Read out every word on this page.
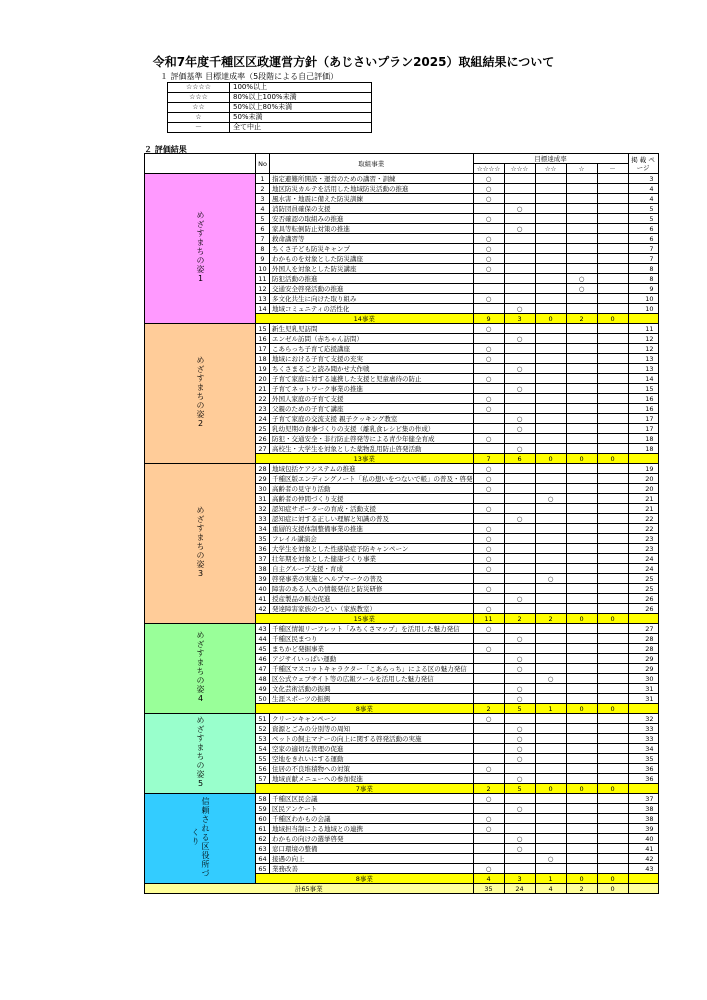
令和7年度千種区区政運営方針（あじさいプラン2025）取組結果について
１ 評価基準 目標達成率（5段階による自己評価）
☆☆☆☆	100%以上
☆☆☆	80%以上100%未満
☆☆	50%以上80%未満
☆	50%未満
－	全て中止
２ 評価結果
	No	取組事業	目標達成率					掲 載 ページ
			☆☆☆☆	☆☆☆	☆☆	☆	－	
めざすまちの姿1	1	指定避難所開設・運営のための講習・訓練	○					3
	2	地区防災カルテを活用した地域防災活動の推進	○					4
	3	風水害・地震に備えた防災訓練	○					4
	4	消防団員確保の支援		○				5
	5	安否確認の取組みの推進	○					5
	6	家具等転倒防止対策の推進		○				6
	7	救命講習等	○					6
	8	ちくさ子ども防災キャンプ	○					7
	9	わかものを対象とした防災講座	○					7
	10	外国人を対象とした防災講座	○					8
	11	防犯活動の推進				○		8
	12	交通安全啓発活動の推進				○		9
	13	多文化共生に向けた取り組み	○					10
	14	地域コミュニティの活性化		○				10
	14事業		9	3	0	2	0	
めざすまちの姿2	15	新生児乳児訪問	○					11
	16	エンゼル訪問（赤ちゃん訪問）		○				12
	17	こあらっち子育て応援講座	○					12
	18	地域における子育て支援の充実	○					13
	19	ちくさまるごと読み聞かせ大作戦		○				13
	20	子育て家庭に対する連携した支援と児童虐待の防止	○					14
	21	子育てネットワーク事業の推進		○				15
	22	外国人家庭の子育て支援	○					16
	23	父親のための子育て講座	○					16
	24	子育て家庭の交流支援 親子クッキング教室		○				17
	25	乳幼児期の食事づくりの支援（離乳食レシピ集の作成）		○				17
	26	防犯・交通安全・非行防止啓発等による青少年健全育成	○					18
	27	高校生・大学生を対象とした薬物乱用防止啓発活動		○				18
	13事業		7	6	0	0	0	
めざすまちの姿3	28	地域包括ケアシステムの推進	○					19
	29	千種区版エンディングノート「私の想いをつないで帳」の普及・啓発	○					20
	30	高齢者の見守り活動	○					20
	31	高齢者の仲間づくり支援			○			21
	32	認知症サポーターの育成・活動支援	○					21
	33	認知症に対する正しい理解と知識の普及		○				22
	34	重層的支援体制整備事業の推進	○					22
	35	フレイル講演会	○					23
	36	大学生を対象とした性感染症予防キャンペーン	○					23
	37	壮年期を対象とした健康づくり事業	○					24
	38	自主グループ支援・育成	○					24
	39	啓発事業の実施とヘルプマークの普及			○			25
	40	障害のある人への情報発信と防災研修	○					25
	41	授産製品の販売促進		○				26
	42	発達障害家族のつどい（家族教室）	○					26
	15事業		11	2	2	0	0	
めざすまちの姿4	43	千種区情報リーフレット「みちくさマップ」を活用した魅力発信	○					27
	44	千種区民まつり		○				28
	45	まちかど発掘事業	○					28
	46	アジサイいっぱい運動		○				29
	47	千種区マスコットキャラクター「こあらっち」による区の魅力発信		○				29
	48	区公式ウェブサイト等の広報ツールを活用した魅力発信			○			30
	49	文化芸術活動の振興		○				31
	50	生涯スポーツの振興		○				31
	8事業		2	5	1	0	0	
めざすまちの姿5	51	クリーンキャンペーン	○					32
	52	資源とごみの分別等の周知		○				33
	53	ペットの飼主マナーの向上に関する啓発活動の実施		○				33
	54	空家の適切な管理の促進		○				34
	55	空地をきれいにする運動		○				35
	56	住居の不良堆積物への対策	○					36
	57	地域貢献メニューへの参加促進		○				36
	7事業		2	5	0	0	0	
信頼される区役所づくり	58	千種区区民会議	○					37
	59	区民アンケート		○				38
	60	千種区わかもの会議	○					38
	61	地域担当制による地域との連携	○					39
	62	わかもの向けの選挙啓発		○				40
	63	窓口環境の整備		○				41
	64	接遇の向上			○			42
	65	業務改善	○					43
	8事業		4	3	1	0	0	
計65事業			35	24	4	2	0	
